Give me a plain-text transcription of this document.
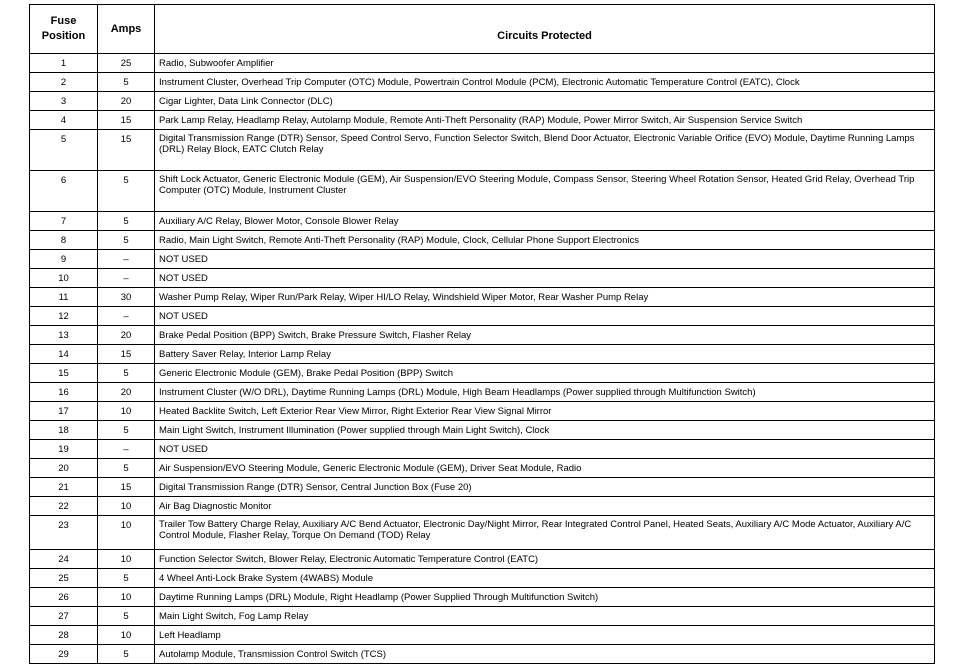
Fuse Position	Amps	Circuits Protected
1	25	Radio, Subwoofer Amplifier
2	5	Instrument Cluster, Overhead Trip Computer (OTC) Module, Powertrain Control Module (PCM), Electronic Automatic Temperature Control (EATC), Clock
3	20	Cigar Lighter, Data Link Connector (DLC)
4	15	Park Lamp Relay, Headlamp Relay, Autolamp Module, Remote Anti-Theft Personality (RAP) Module, Power Mirror Switch, Air Suspension Service Switch
5	15	Digital Transmission Range (DTR) Sensor, Speed Control Servo, Function Selector Switch, Blend Door Actuator, Electronic Variable Orifice (EVO) Module, Daytime Running Lamps (DRL) Relay Block, EATC Clutch Relay
6	5	Shift Lock Actuator, Generic Electronic Module (GEM), Air Suspension/EVO Steering Module, Compass Sensor, Steering Wheel Rotation Sensor, Heated Grid Relay, Overhead Trip Computer (OTC) Module, Instrument Cluster
7	5	Auxiliary A/C Relay, Blower Motor, Console Blower Relay
8	5	Radio, Main Light Switch, Remote Anti-Theft Personality (RAP) Module, Clock, Cellular Phone Support Electronics
9	–	NOT USED
10	–	NOT USED
11	30	Washer Pump Relay, Wiper Run/Park Relay, Wiper HI/LO Relay, Windshield Wiper Motor, Rear Washer Pump Relay
12	–	NOT USED
13	20	Brake Pedal Position (BPP) Switch, Brake Pressure Switch, Flasher Relay
14	15	Battery Saver Relay, Interior Lamp Relay
15	5	Generic Electronic Module (GEM), Brake Pedal Position (BPP) Switch
16	20	Instrument Cluster (W/O DRL), Daytime Running Lamps (DRL) Module, High Beam Headlamps (Power supplied through Multifunction Switch)
17	10	Heated Backlite Switch, Left Exterior Rear View Mirror, Right Exterior Rear View Signal Mirror
18	5	Main Light Switch, Instrument Illumination (Power supplied through Main Light Switch), Clock
19	–	NOT USED
20	5	Air Suspension/EVO Steering Module, Generic Electronic Module (GEM), Driver Seat Module, Radio
21	15	Digital Transmission Range (DTR) Sensor, Central Junction Box (Fuse 20)
22	10	Air Bag Diagnostic Monitor
23	10	Trailer Tow Battery Charge Relay, Auxiliary A/C Bend Actuator, Electronic Day/Night Mirror, Rear Integrated Control Panel, Heated Seats, Auxiliary A/C Mode Actuator, Auxiliary A/C Control Module, Flasher Relay, Torque On Demand (TOD) Relay
24	10	Function Selector Switch, Blower Relay, Electronic Automatic Temperature Control (EATC)
25	5	4 Wheel Anti-Lock Brake System (4WABS) Module
26	10	Daytime Running Lamps (DRL) Module, Right Headlamp (Power Supplied Through Multifunction Switch)
27	5	Main Light Switch, Fog Lamp Relay
28	10	Left Headlamp
29	5	Autolamp Module, Transmission Control Switch (TCS)
